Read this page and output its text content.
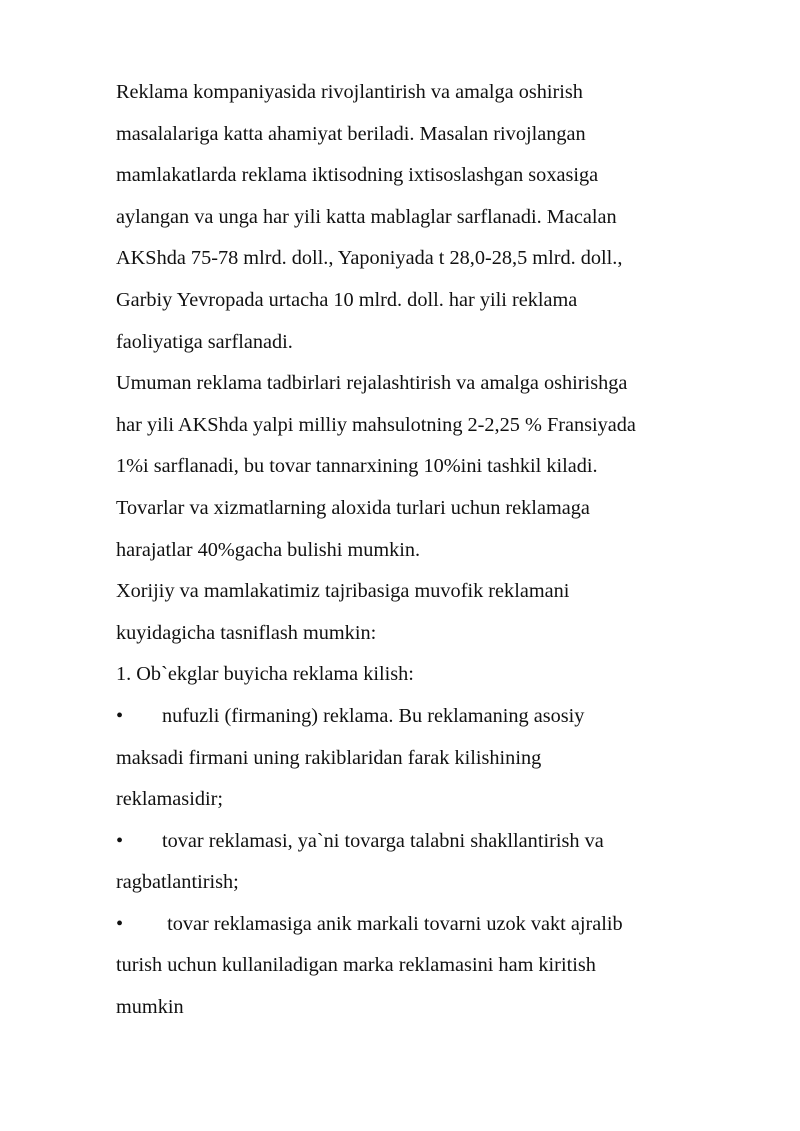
Reklama kompaniyasida rivojlantirish va amalga oshirish
masalalariga katta ahamiyat beriladi. Masalan rivojlangan
mamlakatlarda reklama iktisodning ixtisoslashgan soxasiga
aylangan va unga har yili katta mablaglar sarflanadi. Macalan
AKShda 75-78 mlrd. doll., Yaponiyada t 28,0-28,5 mlrd. doll.,
Garbiy Yevropada urtacha 10 mlrd. doll. har yili reklama
faoliyatiga sarflanadi.
Umuman reklama tadbirlari rejalashtirish va amalga oshirishga
har yili AKShda yalpi milliy mahsulotning 2-2,25 % Fransiyada
1%i sarflanadi, bu tovar tannarxining 10%ini tashkil kiladi.
Tovarlar va xizmatlarning aloxida turlari uchun reklamaga
harajatlar 40%gacha bulishi mumkin.
Xorijiy va mamlakatimiz tajribasiga muvofik reklamani
kuyidagicha tasniflash mumkin:
1. Ob`ekglar buyicha reklama kilish:
• nufuzli (firmaning) reklama. Bu reklamaning asosiy
maksadi firmani uning rakiblaridan farak kilishining
reklamasidir;
• tovar reklamasi, ya`ni tovarga talabni shakllantirish va
ragbatlantirish;
• tovar reklamasiga anik markali tovarni uzok vakt ajralib
turish uchun kullaniladigan marka reklamasini ham kiritish
mumkin
